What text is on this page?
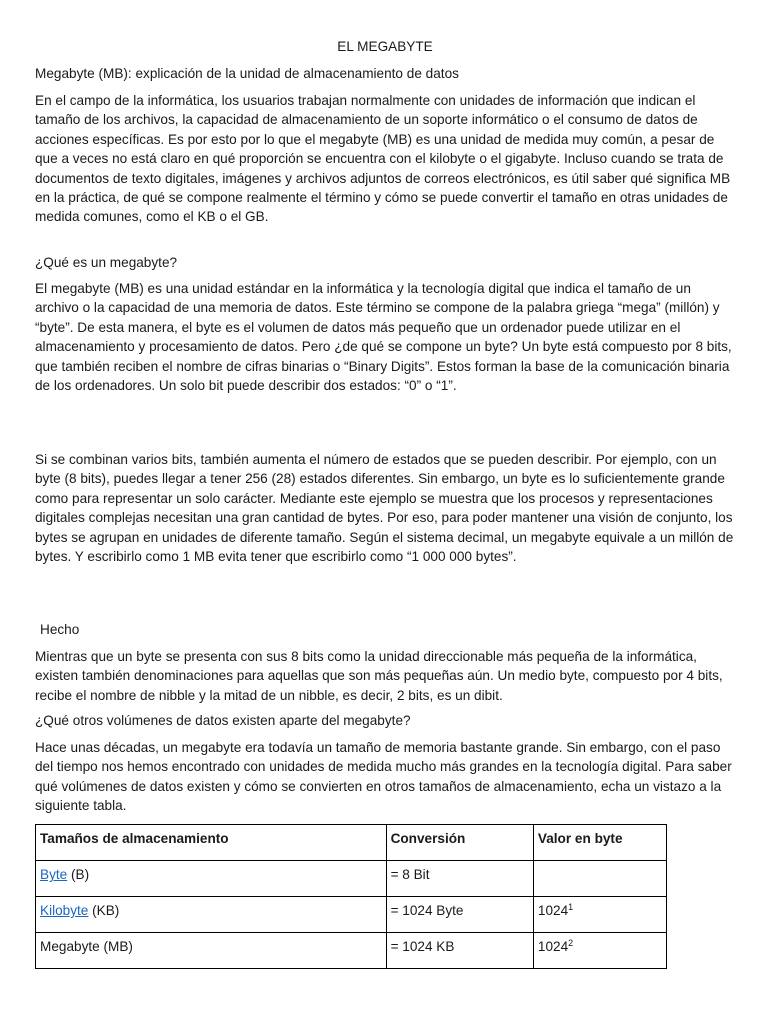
EL MEGABYTE

Megabyte (MB): explicación de la unidad de almacenamiento de datos

En el campo de la informática, los usuarios trabajan normalmente con unidades de información que indican el tamaño de los archivos, la capacidad de almacenamiento de un soporte informático o el consumo de datos de acciones específicas. Es por esto por lo que el megabyte (MB) es una unidad de medida muy común, a pesar de que a veces no está claro en qué proporción se encuentra con el kilobyte o el gigabyte. Incluso cuando se trata de documentos de texto digitales, imágenes y archivos adjuntos de correos electrónicos, es útil saber qué significa MB en la práctica, de qué se compone realmente el término y cómo se puede convertir el tamaño en otras unidades de medida comunes, como el KB o el GB.

¿Qué es un megabyte?

El megabyte (MB) es una unidad estándar en la informática y la tecnología digital que indica el tamaño de un archivo o la capacidad de una memoria de datos. Este término se compone de la palabra griega “mega” (millón) y “byte”. De esta manera, el byte es el volumen de datos más pequeño que un ordenador puede utilizar en el almacenamiento y procesamiento de datos. Pero ¿de qué se compone un byte? Un byte está compuesto por 8 bits, que también reciben el nombre de cifras binarias o “Binary Digits”. Estos forman la base de la comunicación binaria de los ordenadores. Un solo bit puede describir dos estados: “0” o “1”.

Si se combinan varios bits, también aumenta el número de estados que se pueden describir. Por ejemplo, con un byte (8 bits), puedes llegar a tener 256 (28) estados diferentes. Sin embargo, un byte es lo suficientemente grande como para representar un solo carácter. Mediante este ejemplo se muestra que los procesos y representaciones digitales complejas necesitan una gran cantidad de bytes. Por eso, para poder mantener una visión de conjunto, los bytes se agrupan en unidades de diferente tamaño. Según el sistema decimal, un megabyte equivale a un millón de bytes. Y escribirlo como 1 MB evita tener que escribirlo como “1 000 000 bytes”.

Hecho

Mientras que un byte se presenta con sus 8 bits como la unidad direccionable más pequeña de la informática, existen también denominaciones para aquellas que son más pequeñas aún. Un medio byte, compuesto por 4 bits, recibe el nombre de nibble y la mitad de un nibble, es decir, 2 bits, es un dibit.

¿Qué otros volúmenes de datos existen aparte del megabyte?

Hace unas décadas, un megabyte era todavía un tamaño de memoria bastante grande. Sin embargo, con el paso del tiempo nos hemos encontrado con unidades de medida mucho más grandes en la tecnología digital. Para saber qué volúmenes de datos existen y cómo se convierten en otros tamaños de almacenamiento, echa un vistazo a la siguiente tabla.

Tamaños de almacenamiento	Conversión	Valor en byte
Byte (B)	= 8 Bit	
Kilobyte (KB)	= 1024 Byte	1024$^1$
Megabyte (MB)	= 1024 KB	1024$^2$
